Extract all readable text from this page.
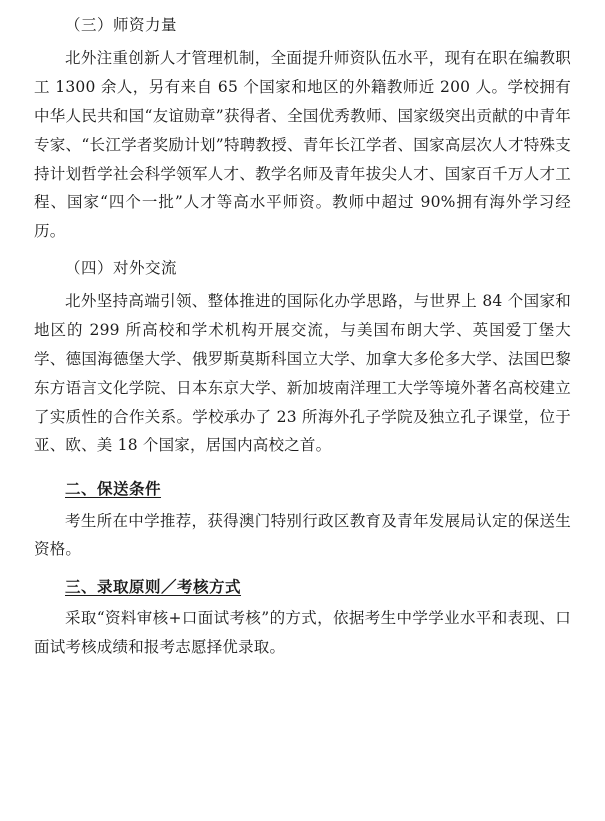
（三）师资力量

北外注重创新人才管理机制，全面提升师资队伍水平，现有在职在编教职工 1300 余人，另有来自 65 个国家和地区的外籍教师近 200 人。学校拥有中华人民共和国“友谊勋章”获得者、全国优秀教师、国家级突出贡献的中青年专家、“长江学者奖励计划”特聘教授、青年长江学者、国家高层次人才特殊支持计划哲学社会科学领军人才、教学名师及青年拔尖人才、国家百千万人才工程、国家“四个一批”人才等高水平师资。教师中超过 90%拥有海外学习经历。

（四）对外交流

北外坚持高端引领、整体推进的国际化办学思路，与世界上 84 个国家和地区的 299 所高校和学术机构开展交流，与美国布朗大学、英国爱丁堡大学、德国海德堡大学、俄罗斯莫斯科国立大学、加拿大多伦多大学、法国巴黎东方语言文化学院、日本东京大学、新加坡南洋理工大学等境外著名高校建立了实质性的合作关系。学校承办了 23 所海外孔子学院及独立孔子课堂，位于亚、欧、美 18 个国家，居国内高校之首。

二、保送条件

考生所在中学推荐，获得澳门特别行政区教育及青年发展局认定的保送生资格。

三、录取原则／考核方式

采取“资料审核+口面试考核”的方式，依据考生中学学业水平和表现、口面试考核成绩和报考志愿择优录取。
